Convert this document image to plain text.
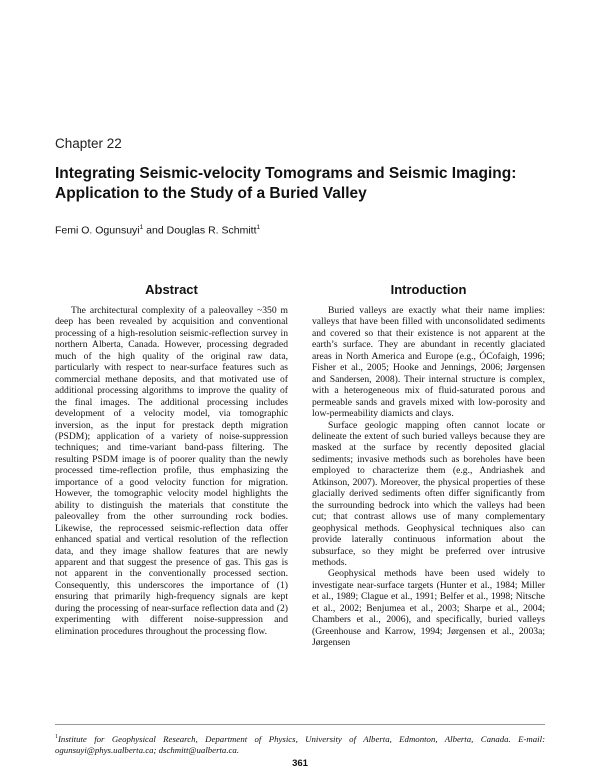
Chapter 22
Integrating Seismic-velocity Tomograms and Seismic Imaging: Application to the Study of a Buried Valley
Femi O. Ogunsuyi$^1$ and Douglas R. Schmitt$^1$
Abstract

The architectural complexity of a paleovalley ~350 m deep has been revealed by acquisition and conventional processing of a high-resolution seismic-reflection survey in northern Alberta, Canada. However, processing degraded much of the high quality of the original raw data, particularly with respect to near-surface features such as commercial methane deposits, and that motivated use of additional processing algorithms to improve the quality of the final images. The additional processing includes development of a velocity model, via tomographic inversion, as the input for prestack depth migration (PSDM); application of a variety of noise-suppression techniques; and time-variant band-pass filtering. The resulting PSDM image is of poorer quality than the newly processed time-reflection profile, thus emphasizing the importance of a good velocity function for migration. However, the tomographic velocity model highlights the ability to distinguish the materials that constitute the paleovalley from the other surrounding rock bodies. Likewise, the reprocessed seismic-reflection data offer enhanced spatial and vertical resolution of the reflection data, and they image shallow features that are newly apparent and that suggest the presence of gas. This gas is not apparent in the conventionally processed section. Consequently, this underscores the importance of (1) ensuring that primarily high-frequency signals are kept during the processing of near-surface reflection data and (2) experimenting with different noise-suppression and elimination procedures throughout the processing flow.

Introduction

Buried valleys are exactly what their name implies: valleys that have been filled with unconsolidated sediments and covered so that their existence is not apparent at the earth’s surface. They are abundant in recently glaciated areas in North America and Europe (e.g., ÓCofaigh, 1996; Fisher et al., 2005; Hooke and Jennings, 2006; Jørgensen and Sandersen, 2008). Their internal structure is complex, with a heterogeneous mix of fluid-saturated porous and permeable sands and gravels mixed with low-porosity and low-permeability diamicts and clays.

Surface geologic mapping often cannot locate or delineate the extent of such buried valleys because they are masked at the surface by recently deposited glacial sediments; invasive methods such as boreholes have been employed to characterize them (e.g., Andriashek and Atkinson, 2007). Moreover, the physical properties of these glacially derived sediments often differ significantly from the surrounding bedrock into which the valleys had been cut; that contrast allows use of many complementary geophysical methods. Geophysical techniques also can provide laterally continuous information about the subsurface, so they might be preferred over intrusive methods.

Geophysical methods have been used widely to investigate near-surface targets (Hunter et al., 1984; Miller et al., 1989; Clague et al., 1991; Belfer et al., 1998; Nitsche et al., 2002; Benjumea et al., 2003; Sharpe et al., 2004; Chambers et al., 2006), and specifically, buried valleys (Greenhouse and Karrow, 1994; Jørgensen et al., 2003a; Jørgensen

$^1$Institute for Geophysical Research, Department of Physics, University of Alberta, Edmonton, Alberta, Canada. E-mail: ogunsuyi@phys.ualberta.ca; dschmitt@ualberta.ca.

361
